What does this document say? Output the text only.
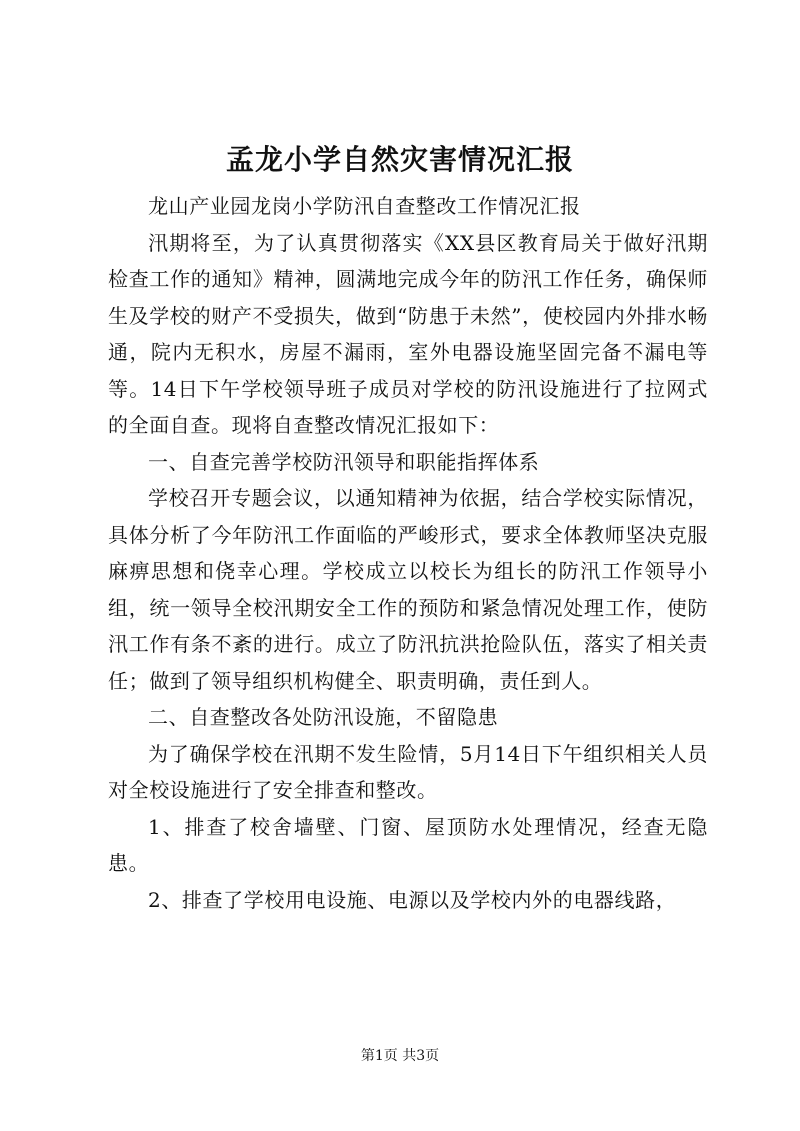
孟龙小学自然灾害情况汇报

龙山产业园龙岗小学防汛自查整改工作情况汇报

汛期将至，为了认真贯彻落实《XX县区教育局关于做好汛期检查工作的通知》精神，圆满地完成今年的防汛工作任务，确保师生及学校的财产不受损失，做到“防患于未然”，使校园内外排水畅通，院内无积水，房屋不漏雨，室外电器设施坚固完备不漏电等等。14日下午学校领导班子成员对学校的防汛设施进行了拉网式的全面自查。现将自查整改情况汇报如下：

一、自查完善学校防汛领导和职能指挥体系

学校召开专题会议，以通知精神为依据，结合学校实际情况，具体分析了今年防汛工作面临的严峻形式，要求全体教师坚决克服麻痹思想和侥幸心理。学校成立以校长为组长的防汛工作领导小组，统一领导全校汛期安全工作的预防和紧急情况处理工作，使防汛工作有条不紊的进行。成立了防汛抗洪抢险队伍，落实了相关责任；做到了领导组织机构健全、职责明确，责任到人。

二、自查整改各处防汛设施，不留隐患

为了确保学校在汛期不发生险情，5月14日下午组织相关人员对全校设施进行了安全排查和整改。

1、排查了校舍墙壁、门窗、屋顶防水处理情况，经查无隐患。

2、排查了学校用电设施、电源以及学校内外的电器线路，

第1页 共3页
